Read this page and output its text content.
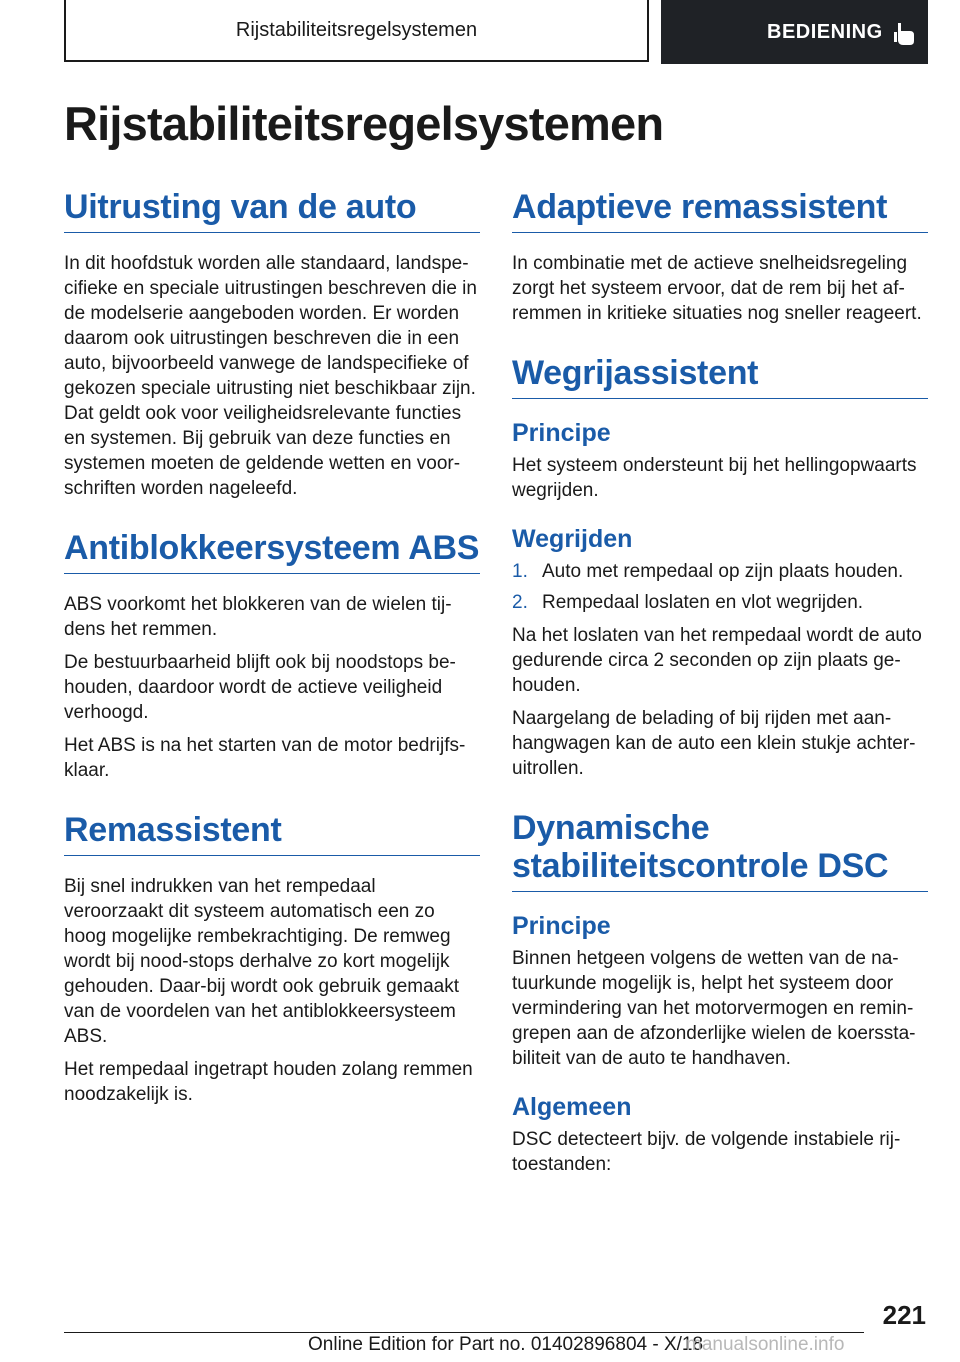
Rijstabiliteitsregelsystemen	BEDIENING
Rijstabiliteitsregelsystemen
Uitrusting van de auto

In dit hoofdstuk worden alle standaard, landspe-cifieke en speciale uitrustingen beschreven die in de modelserie aangeboden worden. Er worden daarom ook uitrustingen beschreven die in een auto, bijvoorbeeld vanwege de landspecifieke of gekozen speciale uitrusting niet beschikbaar zijn. Dat geldt ook voor veiligheidsrelevante functies en systemen. Bij gebruik van deze functies en systemen moeten de geldende wetten en voor-schriften worden nageleefd.

Antiblokkeersysteem ABS

ABS voorkomt het blokkeren van de wielen tij-dens het remmen.

De bestuurbaarheid blijft ook bij noodstops be-houden, daardoor wordt de actieve veiligheid verhoogd.

Het ABS is na het starten van de motor bedrijfs-klaar.

Remassistent

Bij snel indrukken van het rempedaal veroorzaakt dit systeem automatisch een zo hoog mogelijke rembekrachtiging. De remweg wordt bij nood-stops derhalve zo kort mogelijk gehouden. Daar-bij wordt ook gebruik gemaakt van de voordelen van het antiblokkeersysteem ABS.

Het rempedaal ingetrapt houden zolang remmen noodzakelijk is.

Adaptieve remassistent

In combinatie met de actieve snelheidsregeling zorgt het systeem ervoor, dat de rem bij het af-remmen in kritieke situaties nog sneller reageert.

Wegrijassistent
Principe

Het systeem ondersteunt bij het hellingopwaarts wegrijden.

Wegrijden
1. Auto met rempedaal op zijn plaats houden.
2. Rempedaal loslaten en vlot wegrijden.

Na het loslaten van het rempedaal wordt de auto gedurende circa 2 seconden op zijn plaats ge-houden.

Naargelang de belading of bij rijden met aan-hangwagen kan de auto een klein stukje achter-uitrollen.

Dynamische stabiliteitscontrole DSC
Principe

Binnen hetgeen volgens de wetten van de na-tuurkunde mogelijk is, helpt het systeem door vermindering van het motorvermogen en remin-grepen aan de afzonderlijke wielen de koerssta-biliteit van de auto te handhaven.

Algemeen

DSC detecteert bijv. de volgende instabiele rij-toestanden:

221
Online Edition for Part no. 01402896804 - X/18
manualsonline.info
